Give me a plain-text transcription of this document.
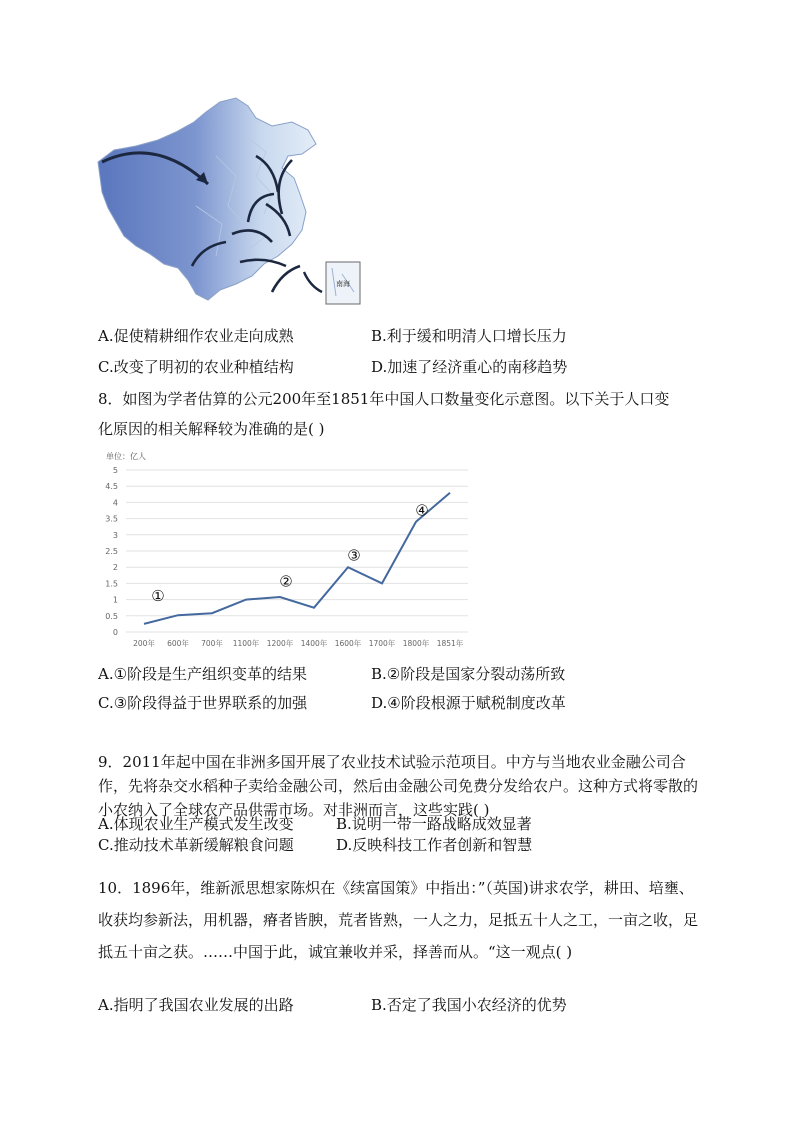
南海
A.促使精耕细作农业走向成熟	B.利于缓和明清人口增长压力
C.改变了明初的农业种植结构	D.加速了经济重心的南移趋势
8．如图为学者估算的公元200年至1851年中国人口数量变化示意图。以下关于人口变
化原因的相关解释较为准确的是( )
单位：亿人
0
0.5
1
1.5
2
2.5
3
3.5
4
4.5
5
200年 600年 700年 1100年 1200年 1400年 1600年 1700年 1800年 1851年
①
②
③
④
A.①阶段是生产组织变革的结果	B.②阶段是国家分裂动荡所致
C.③阶段得益于世界联系的加强	D.④阶段根源于赋税制度改革
9．2011年起中国在非洲多国开展了农业技术试验示范项目。中方与当地农业金融公司合作，先将杂交水稻种子卖给金融公司，然后由金融公司免费分发给农户。这种方式将零散的小农纳入了全球农产品供需市场。对非洲而言，这些实践( )
A.体现农业生产模式发生改变	B.说明一带一路战略成效显著
C.推动技术革新缓解粮食问题	D.反映科技工作者创新和智慧
10．1896年，维新派思想家陈炽在《续富国策》中指出：”（英国)讲求农学，耕田、培壅、收获均参新法，用机器，瘠者皆腴，荒者皆熟，一人之力，足抵五十人之工，一亩之收，足抵五十亩之获。……中国于此，诚宜兼收并采，择善而从。“这一观点( )
A.指明了我国农业发展的出路	B.否定了我国小农经济的优势
